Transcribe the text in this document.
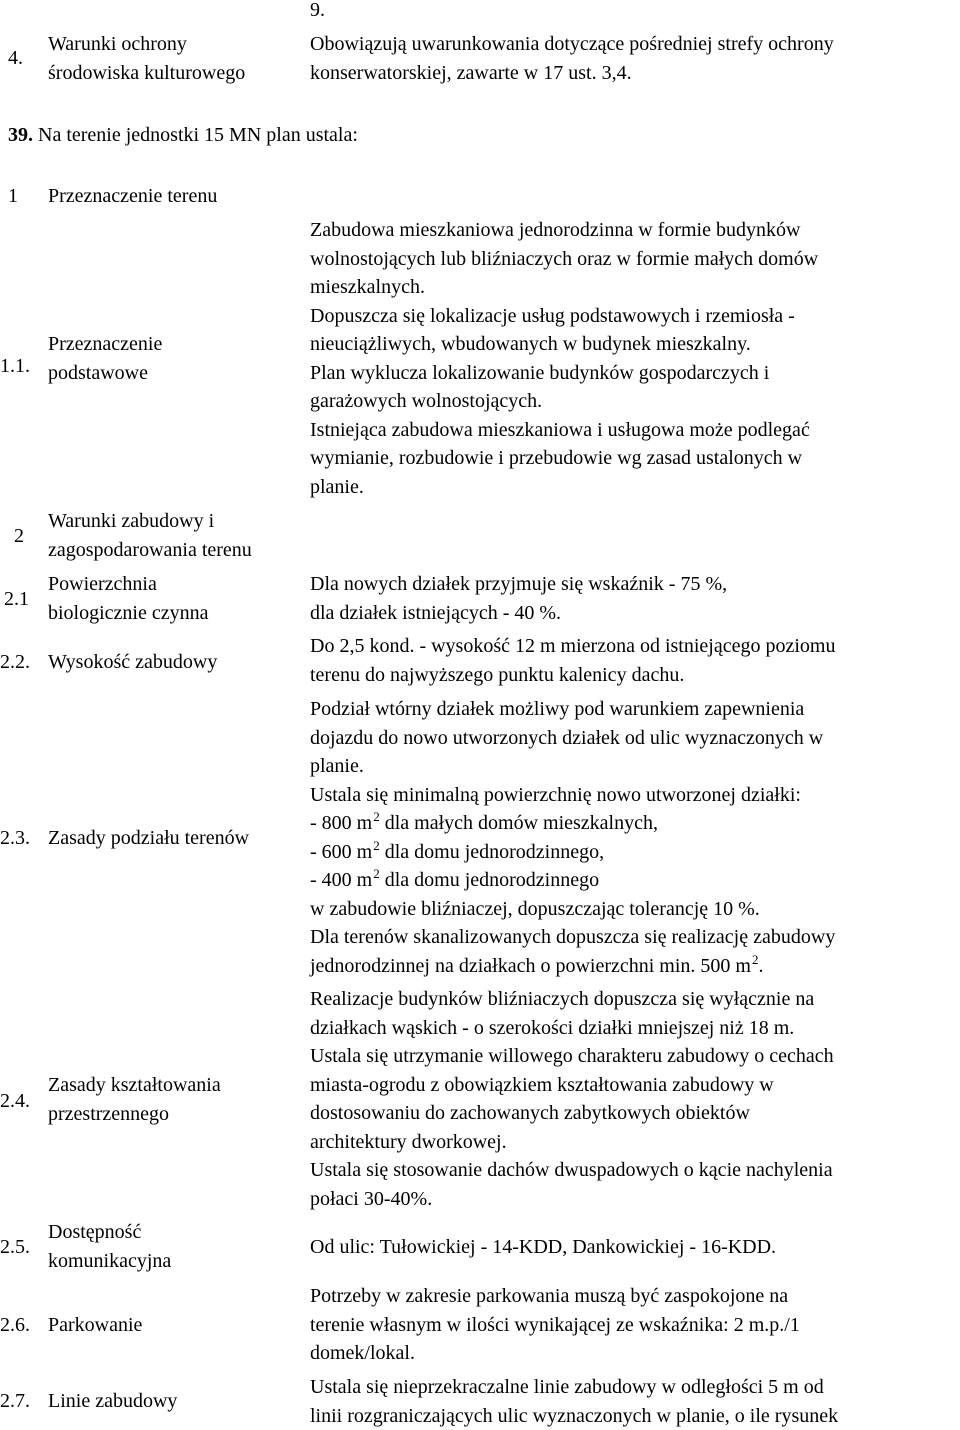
4.
Warunki ochrony
środowiska kulturowego
9.
Obowiązują uwarunkowania dotyczące pośredniej strefy ochrony
konserwatorskiej, zawarte w 17 ust. 3,4.
39. Na terenie jednostki 15 MN plan ustala:
1 Przeznaczenie terenu
1.1.
Przeznaczenie
podstawowe
2
Warunki zabudowy i
zagospodarowania terenu
2.1
Powierzchnia
biologicznie czynna
2.2. Wysokość zabudowy
2.3. Zasady podziału terenów
2.4.
Zasady kształtowania
przestrzennego
2.5.
Dostępność
komunikacyjna
2.6. Parkowanie
2.7. Linie zabudowy
Zabudowa mieszkaniowa jednorodzinna w formie budynków
wolnostojących lub bliźniaczych oraz w formie małych domów
mieszkalnych.
Dopuszcza się lokalizacje usług podstawowych i rzemiosła -
nieuciążliwych, wbudowanych w budynek mieszkalny.
Plan wyklucza lokalizowanie budynków gospodarczych i
garażowych wolnostojących.
Istniejąca zabudowa mieszkaniowa i usługowa może podlegać
wymianie, rozbudowie i przebudowie wg zasad ustalonych w
planie.
Dla nowych działek przyjmuje się wskaźnik - 75 %,
dla działek istniejących - 40 %.
Do 2,5 kond. - wysokość 12 m mierzona od istniejącego poziomu
terenu do najwyższego punktu kalenicy dachu.
Podział wtórny działek możliwy pod warunkiem zapewnienia
dojazdu do nowo utworzonych działek od ulic wyznaczonych w
planie.
Ustala się minimalną powierzchnię nowo utworzonej działki:
- 800 $m^2$ dla małych domów mieszkalnych,
- 600 $m^2$ dla domu jednorodzinnego,
- 400 $m^2$ dla domu jednorodzinnego
w zabudowie bliźniaczej, dopuszczając tolerancję 10 %.
Dla terenów skanalizowanych dopuszcza się realizację zabudowy
jednorodzinnej na działkach o powierzchni min. 500 $m^2$.
Realizacje budynków bliźniaczych dopuszcza się wyłącznie na
działkach wąskich - o szerokości działki mniejszej niż 18 m.
Ustala się utrzymanie willowego charakteru zabudowy o cechach
miasta-ogrodu z obowiązkiem kształtowania zabudowy w
dostosowaniu do zachowanych zabytkowych obiektów
architektury dworkowej.
Ustala się stosowanie dachów dwuspadowych o kącie nachylenia
połaci 30-40%.
Od ulic: Tułowickiej - 14-KDD, Dankowickiej - 16-KDD.
Potrzeby w zakresie parkowania muszą być zaspokojone na
terenie własnym w ilości wynikającej ze wskaźnika: 2 m.p./1
domek/lokal.
Ustala się nieprzekraczalne linie zabudowy w odległości 5 m od
linii rozgraniczających ulic wyznaczonych w planie, o ile rysunek
